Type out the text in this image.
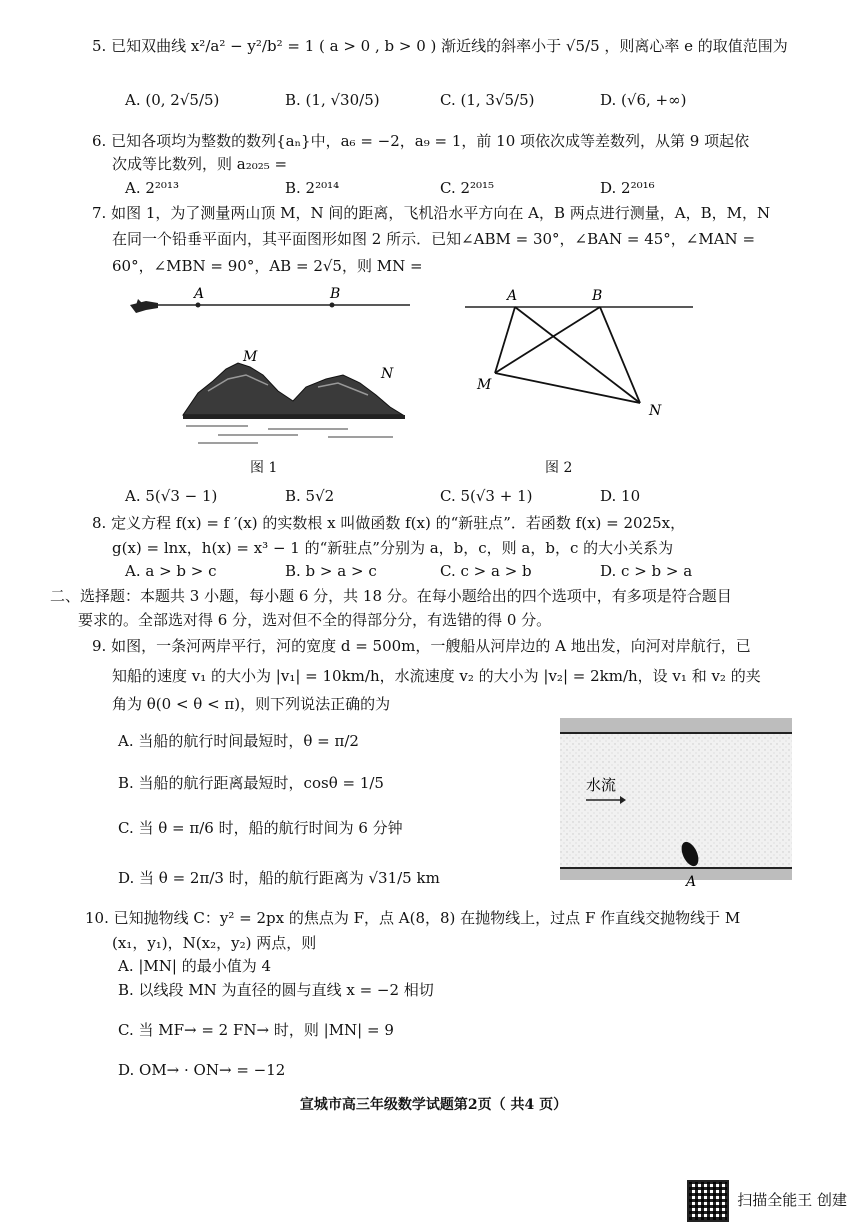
5. 已知双曲线 x²/a² − y²/b² = 1 ( a > 0 , b > 0 ) 渐近线的斜率小于 √5/5 ，则离心率 e 的取值范围为
A. (0, 2√5/5)	B. (1, √30/5)	C. (1, 3√5/5)	D. (√6, +∞)
6. 已知各项均为整数的数列{aₙ}中，a₆ = −2，a₉ = 1，前 10 项依次成等差数列，从第 9 项起依
次成等比数列，则 a₂₀₂₅ =
A. 2²⁰¹³	B. 2²⁰¹⁴	C. 2²⁰¹⁵	D. 2²⁰¹⁶
7. 如图 1，为了测量两山顶 M，N 间的距离，飞机沿水平方向在 A，B 两点进行测量，A，B，M，N
在同一个铅垂平面内，其平面图形如图 2 所示．已知∠ABM = 30°，∠BAN = 45°，∠MAN =
60°，∠MBN = 90°，AB = 2√5，则 MN =
A	B
M
N
A	B
M
N
图 1	图 2
A. 5(√3 − 1)	B. 5√2	C. 5(√3 + 1)	D. 10
8. 定义方程 f(x) = f ′(x) 的实数根 x 叫做函数 f(x) 的“新驻点”．若函数 f(x) = 2025x，
g(x) = lnx，h(x) = x³ − 1 的“新驻点”分别为 a，b，c，则 a，b，c 的大小关系为
A. a > b > c	B. b > a > c	C. c > a > b	D. c > b > a
二、选择题：本题共 3 小题，每小题 6 分，共 18 分。在每小题给出的四个选项中，有多项是符合题目
要求的。全部选对得 6 分，选对但不全的得部分分，有选错的得 0 分。
9. 如图，一条河两岸平行，河的宽度 d = 500m，一艘船从河岸边的 A 地出发，向河对岸航行，已
知船的速度 v₁ 的大小为 |v₁| = 10km/h，水流速度 v₂ 的大小为 |v₂| = 2km/h，设 v₁ 和 v₂ 的夹
角为 θ(0 < θ < π)，则下列说法正确的为
A. 当船的航行时间最短时，θ = π/2
B. 当船的航行距离最短时，cosθ = 1/5
C. 当 θ = π/6 时，船的航行时间为 6 分钟
D. 当 θ = 2π/3 时，船的航行距离为 √31/5 km
水流
A
10. 已知抛物线 C：y² = 2px 的焦点为 F，点 A(8，8) 在抛物线上，过点 F 作直线交抛物线于 M
(x₁，y₁)，N(x₂，y₂) 两点，则
A. |MN| 的最小值为 4
B. 以线段 MN 为直径的圆与直线 x = −2 相切
C. 当 MF→ = 2 FN→ 时，则 |MN| = 9
D. OM→ · ON→ = −12
宣城市高三年级数学试题第2页（ 共4 页）
扫描全能王 创建
